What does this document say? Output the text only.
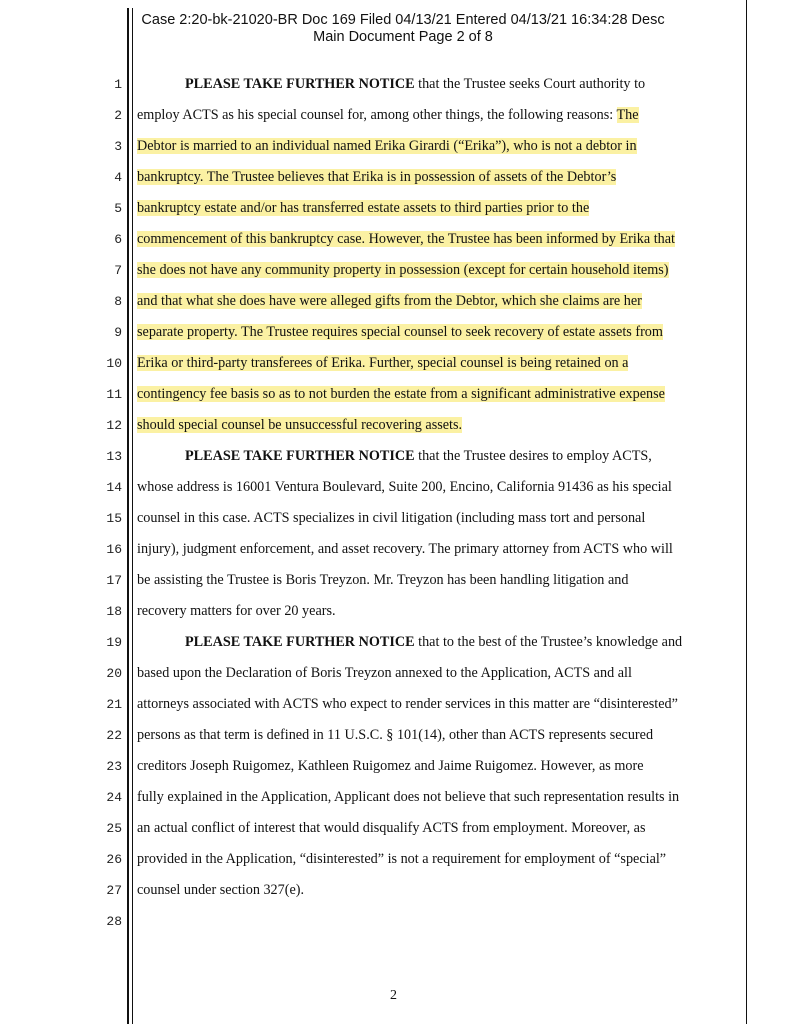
Case 2:20-bk-21020-BR Doc 169 Filed 04/13/21 Entered 04/13/21 16:34:28 Desc
Main Document Page 2 of 8
1
2
3
4
5
6
7
8
9
10
11
12
13
14
15
16
17
18
19
20
21
22
23
24
25
26
27
28
PLEASE TAKE FURTHER NOTICE that the Trustee seeks Court authority to
employ ACTS as his special counsel for, among other things, the following reasons: The
Debtor is married to an individual named Erika Girardi (“Erika”), who is not a debtor in
bankruptcy. The Trustee believes that Erika is in possession of assets of the Debtor’s
bankruptcy estate and/or has transferred estate assets to third parties prior to the
commencement of this bankruptcy case. However, the Trustee has been informed by Erika that
she does not have any community property in possession (except for certain household items)
and that what she does have were alleged gifts from the Debtor, which she claims are her
separate property. The Trustee requires special counsel to seek recovery of estate assets from
Erika or third-party transferees of Erika. Further, special counsel is being retained on a
contingency fee basis so as to not burden the estate from a significant administrative expense
should special counsel be unsuccessful recovering assets.
PLEASE TAKE FURTHER NOTICE that the Trustee desires to employ ACTS,
whose address is 16001 Ventura Boulevard, Suite 200, Encino, California 91436 as his special
counsel in this case. ACTS specializes in civil litigation (including mass tort and personal
injury), judgment enforcement, and asset recovery. The primary attorney from ACTS who will
be assisting the Trustee is Boris Treyzon. Mr. Treyzon has been handling litigation and
recovery matters for over 20 years.
PLEASE TAKE FURTHER NOTICE that to the best of the Trustee’s knowledge and
based upon the Declaration of Boris Treyzon annexed to the Application, ACTS and all
attorneys associated with ACTS who expect to render services in this matter are “disinterested”
persons as that term is defined in 11 U.S.C. § 101(14), other than ACTS represents secured
creditors Joseph Ruigomez, Kathleen Ruigomez and Jaime Ruigomez. However, as more
fully explained in the Application, Applicant does not believe that such representation results in
an actual conflict of interest that would disqualify ACTS from employment. Moreover, as
provided in the Application, “disinterested” is not a requirement for employment of “special”
counsel under section 327(e).
2
